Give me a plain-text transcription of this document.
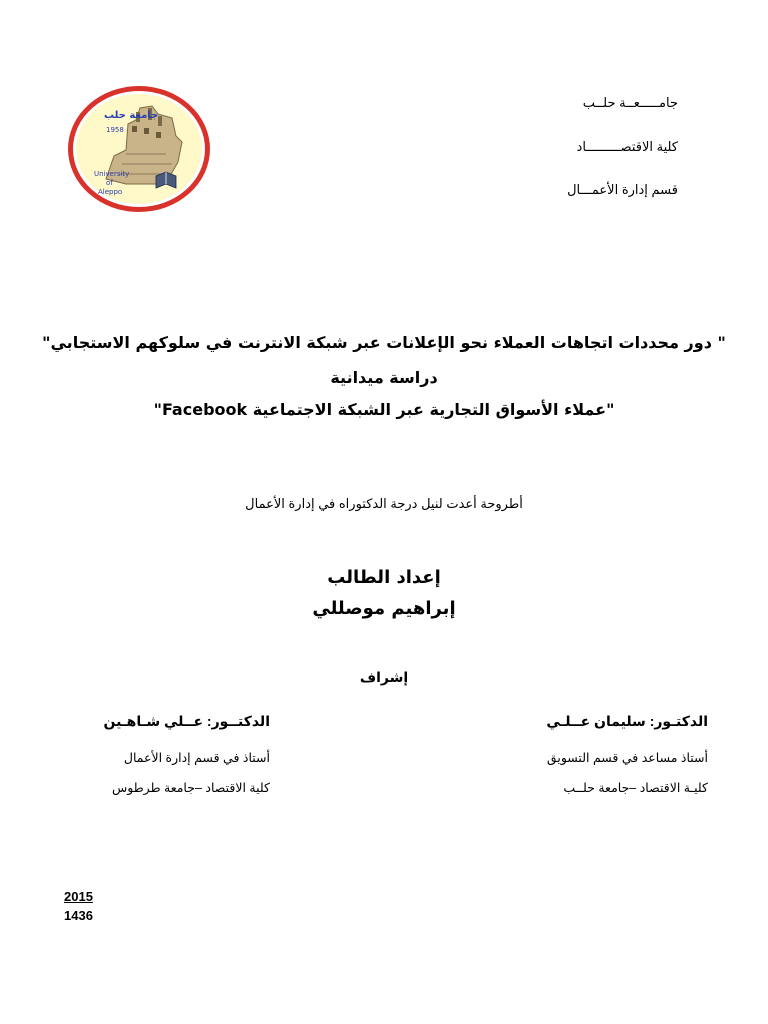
جامعة حلب
1958
University
of
Aleppo
جامـــــعــة حلــب
كلية الاقتصـــــــــاد
قسم إدارة الأعمـــال
" دور محددات اتجاهات العملاء نحو الإعلانات عبر شبكة الانترنت في سلوكهم الاستجابي"
دراسة ميدانية
"عملاء الأسواق التجارية عبر الشبكة الاجتماعية Facebook"
أطروحة أعدت لنيل درجة الدكتوراه في إدارة الأعمال
إعداد الطالب
إبراهيم موصللي
إشراف
الدكتـور: سليمان عــلـي
أستاذ مساعد في قسم التسويق
كليـة الاقتصاد –جامعة حلــب
الدكتــور: عــلي شـاهـين
أستاذ في قسم إدارة الأعمال
كلية الاقتصاد –جامعة طرطوس
2015
1436
